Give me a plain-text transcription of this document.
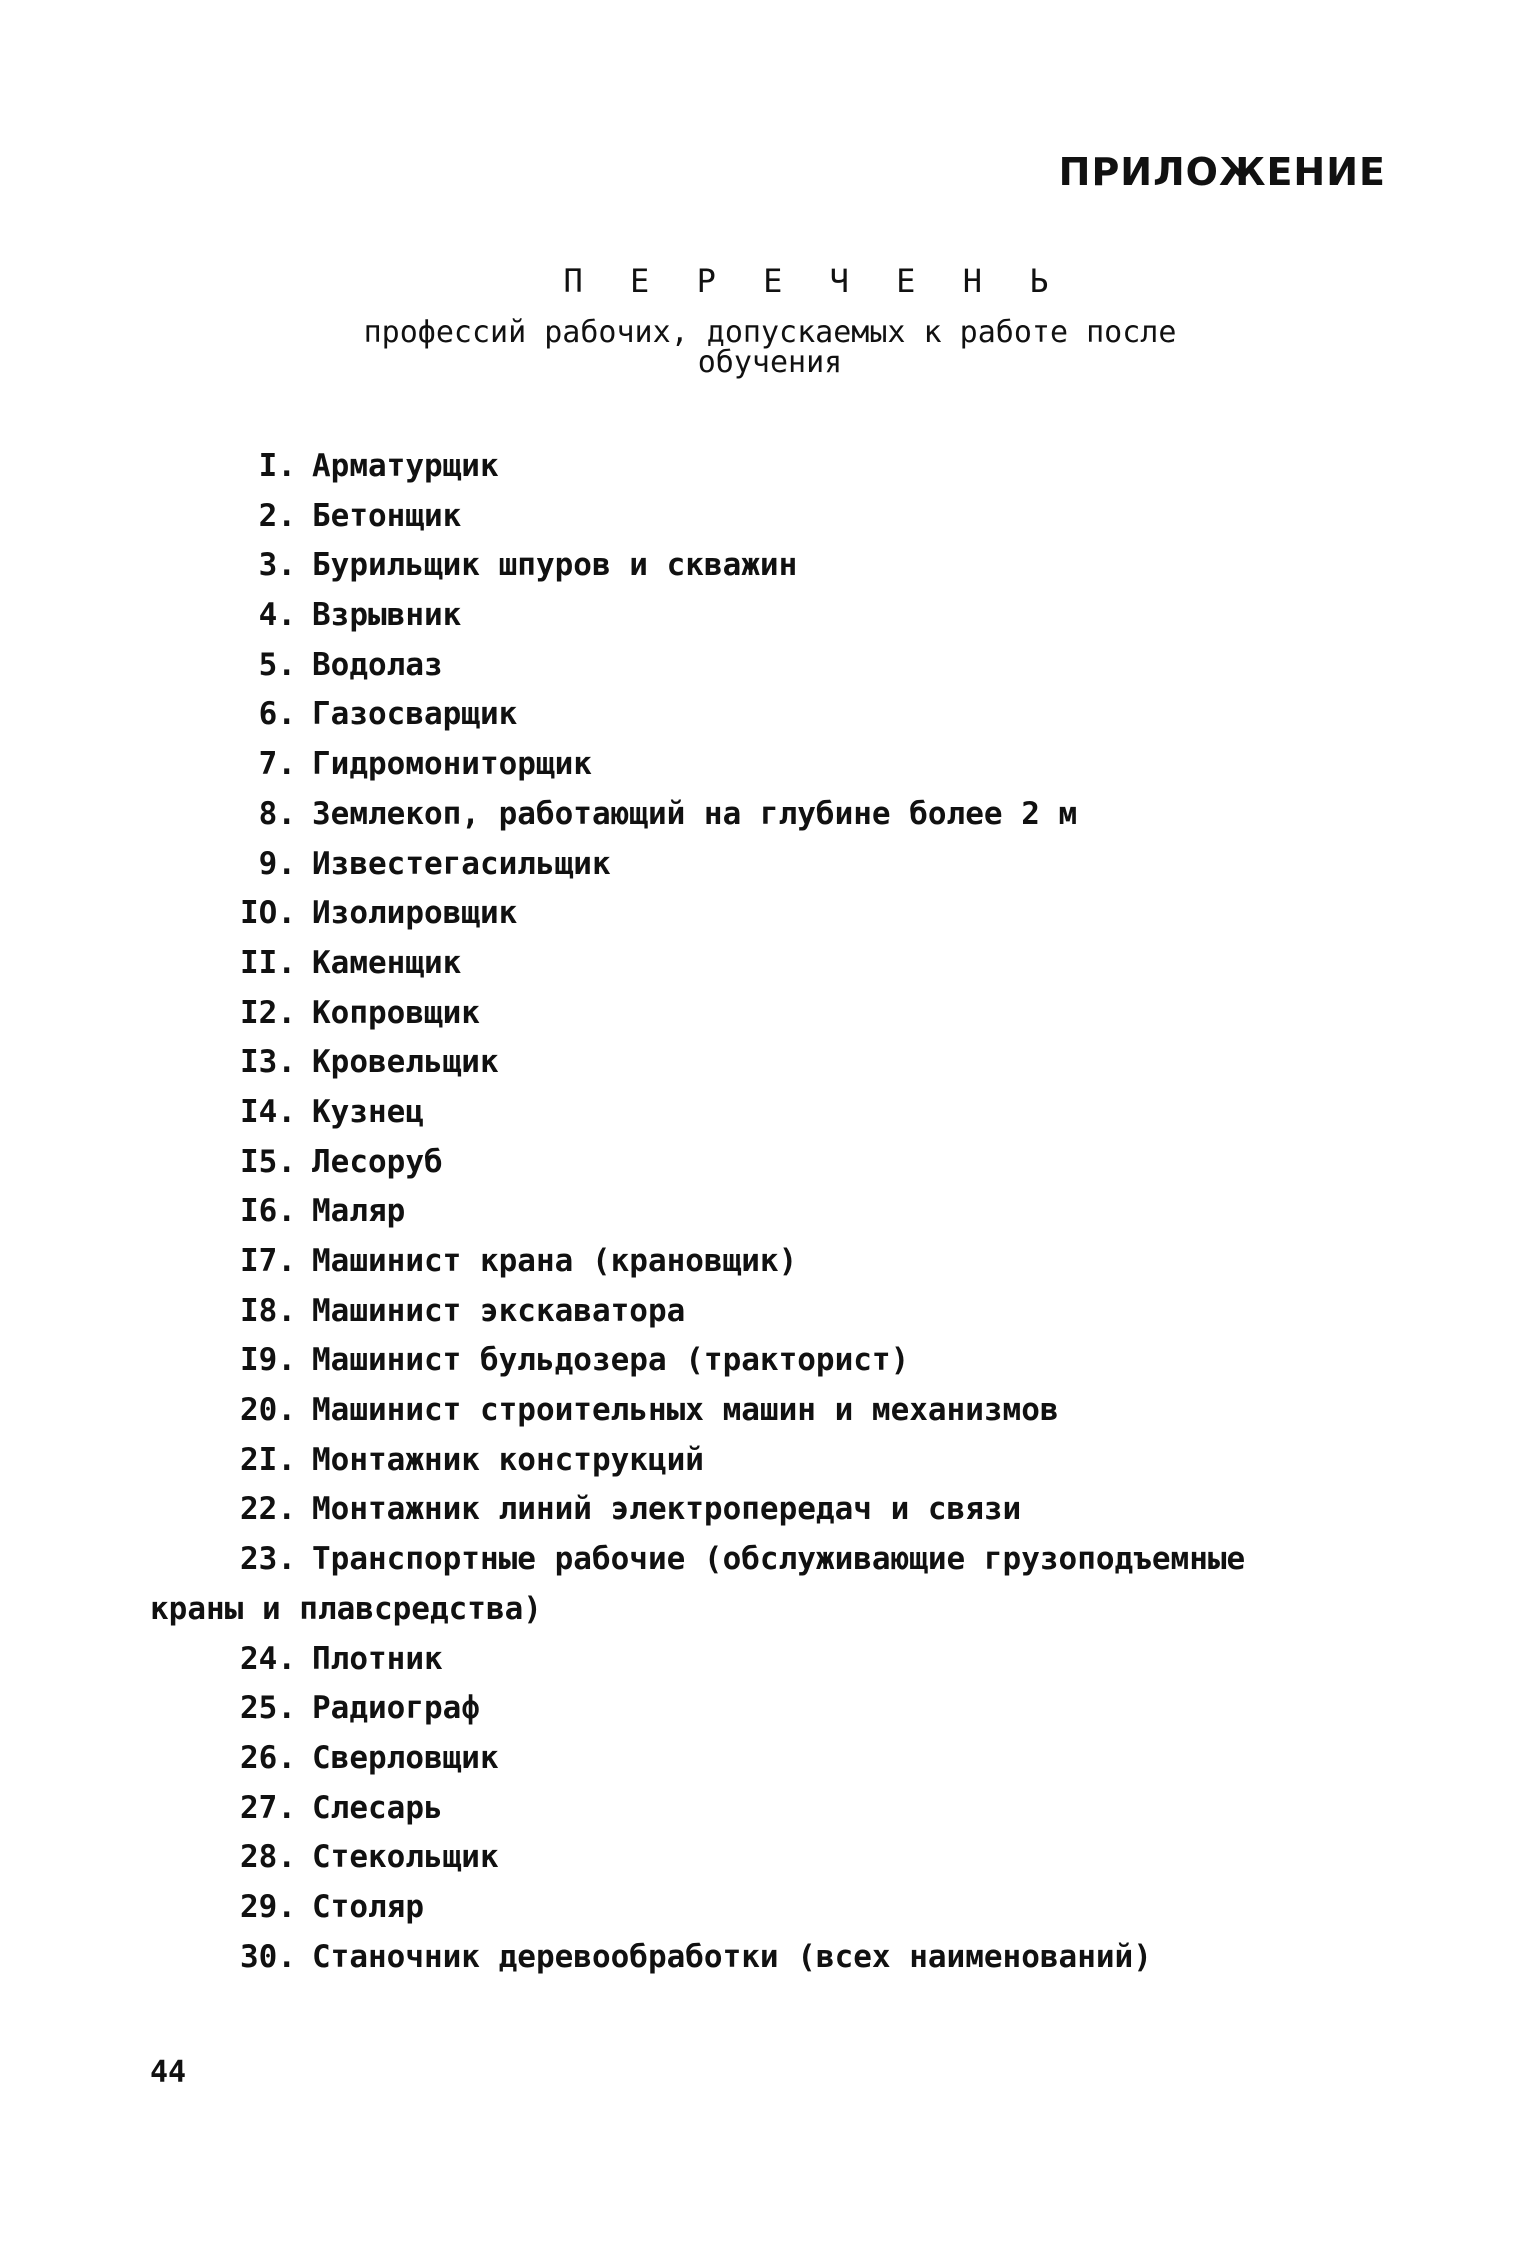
ПРИЛОЖЕНИЕ
П Е Р Е Ч Е Н Ь
профессий рабочих, допускаемых к работе после
обучения
I. Арматурщик
2. Бетонщик
3. Бурильщик шпуров и скважин
4. Взрывник
5. Водолаз
6. Газосварщик
7. Гидромониторщик
8. Землекоп, работающий на глубине более 2 м
9. Известегасильщик
IO. Изолировщик
II. Каменщик
I2. Копровщик
I3. Кровельщик
I4. Кузнец
I5. Лесоруб
I6. Маляр
I7. Машинист крана (крановщик)
I8. Машинист экскаватора
I9. Машинист бульдозера (тракторист)
20. Машинист строительных машин и механизмов
2I. Монтажник конструкций
22. Монтажник линий электропередач и связи
23. Транспортные рабочие (обслуживающие грузоподъемные
краны и плавсредства)
24. Плотник
25. Радиограф
26. Сверловщик
27. Слесарь
28. Стекольщик
29. Столяр
30. Станочник деревообработки (всех наименований)
44
